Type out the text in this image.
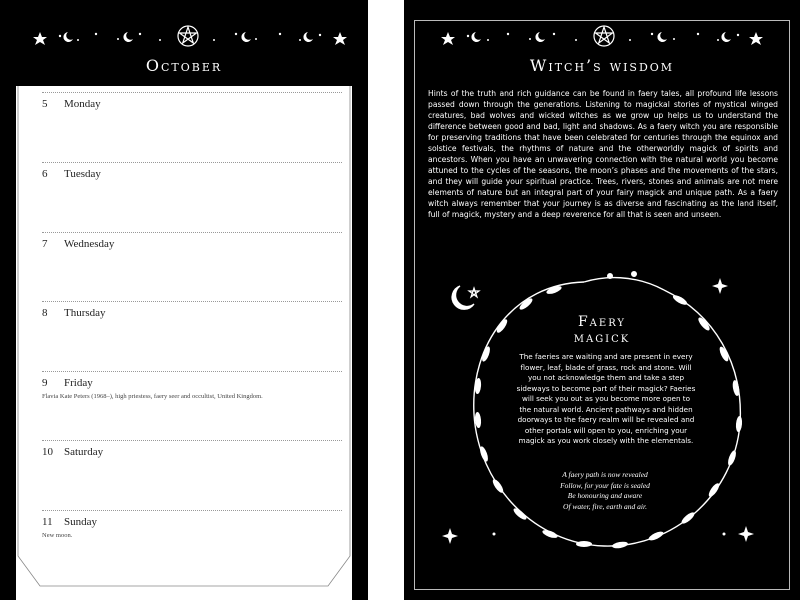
October
5 Monday
6 Tuesday
7 Wednesday
8 Thursday
9 Friday
Flavia Kate Peters (1968–), high priestess, faery seer and occultist, United Kingdom.
10 Saturday
11 Sunday
New moon.
Witch’s wisdom
Hints of the truth and rich guidance can be found in faery tales, all profound life lessons passed down through the generations. Listening to magickal stories of mystical winged creatures, bad wolves and wicked witches as we grow up helps us to understand the difference between good and bad, light and shadows. As a faery witch you are responsible for preserving traditions that have been celebrated for centuries through the equinox and solstice festivals, the rhythms of nature and the otherworldly magick of spirits and ancestors. When you have an unwavering connection with the natural world you become attuned to the cycles of the seasons, the moon’s phases and the movements of the stars, and they will guide your spiritual practice. Trees, rivers, stones and animals are not mere elements of nature but an integral part of your fairy magick and unique path. As a faery witch always remember that your journey is as diverse and fascinating as the land itself, full of magick, mystery and a deep reverence for all that is seen and unseen.
Faery
magick
The faeries are waiting and are present in every flower, leaf, blade of grass, rock and stone. Will you not acknowledge them and take a step sideways to become part of their magick? Faeries will seek you out as you become more open to the natural world. Ancient pathways and hidden doorways to the faery realm will be revealed and other portals will open to you, enriching your magick as you work closely with the elementals.
A faery path is now revealed
Follow, for your fate is sealed
Be honouring and aware
Of water, fire, earth and air.
